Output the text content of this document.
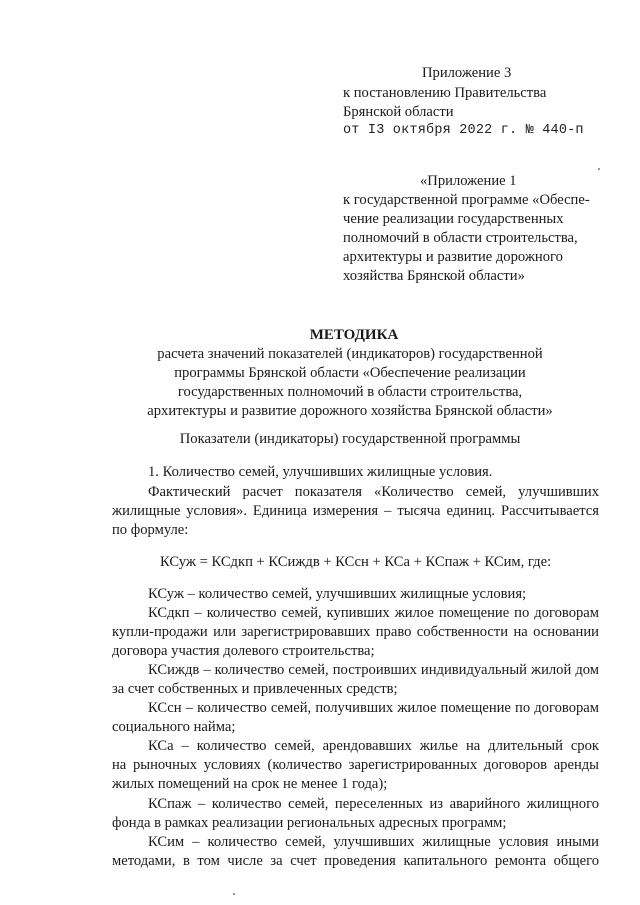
Приложение 3
к постановлению Правительства
Брянской области
от I3 октября 2022 г. № 440-п
«Приложение 1
к государственной программе «Обеспе-
чение реализации государственных
полномочий в области строительства,
архитектуры и развитие дорожного
хозяйства Брянской области»
МЕТОДИКА
расчета значений показателей (индикаторов) государственной
программы Брянской области «Обеспечение реализации
государственных полномочий в области строительства,
архитектуры и развитие дорожного хозяйства Брянской области»
Показатели (индикаторы) государственной программы
1. Количество семей, улучшивших жилищные условия.
Фактический расчет показателя «Количество семей, улучшивших
жилищные условия». Единица измерения – тысяча единиц. Рассчитывается
по формуле:
КСуж = КСдкп + КСиждв + КСсн + КСа + КСпаж + КСим, где:
КСуж – количество семей, улучшивших жилищные условия;
КСдкп – количество семей, купивших жилое помещение по договорам
купли-продажи или зарегистрировавших право собственности на основании
договора участия долевого строительства;
КСиждв – количество семей, построивших индивидуальный жилой дом
за счет собственных и привлеченных средств;
КСсн – количество семей, получивших жилое помещение по договорам
социального найма;
КСа – количество семей, арендовавших жилье на длительный срок
на рыночных условиях (количество зарегистрированных договоров аренды
жилых помещений на срок не менее 1 года);
КСпаж – количество семей, переселенных из аварийного жилищного
фонда в рамках реализации региональных адресных программ;
КСим – количество семей, улучшивших жилищные условия иными
методами, в том числе за счет проведения капитального ремонта общего
